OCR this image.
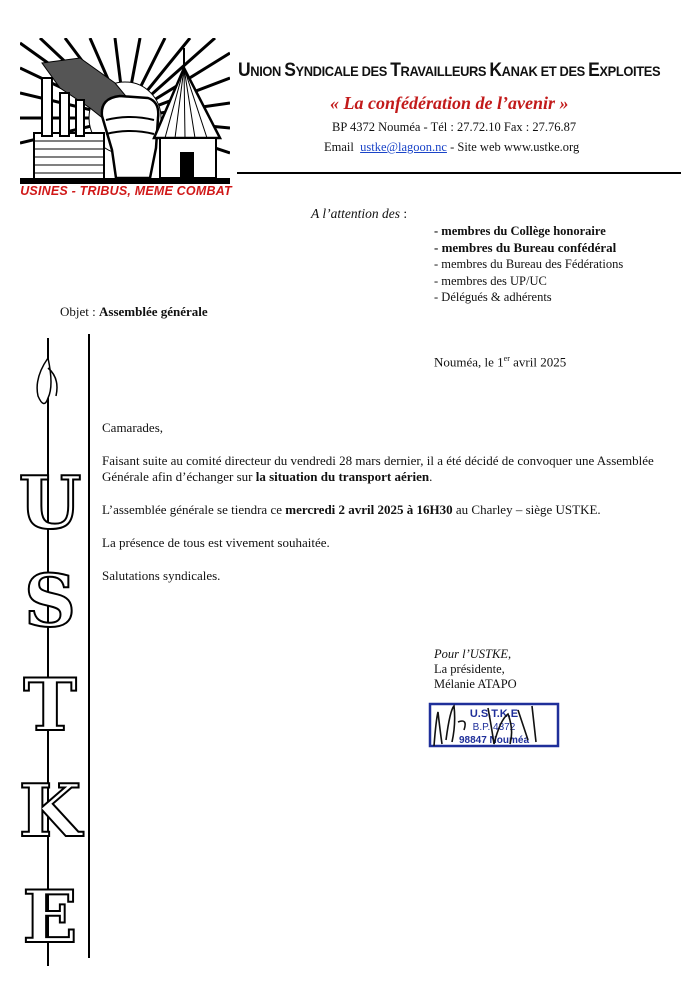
USINES - TRIBUS, MEME COMBAT
UNION SYNDICALE DES TRAVAILLEURS KANAK ET DES EXPLOITES
« La confédération de l’avenir »
BP 4372 Nouméa - Tél : 27.72.10 Fax : 27.76.87
Email ustke@lagoon.nc - Site web www.ustke.org
A l’attention des :
- membres du Collège honoraire
- membres du Bureau confédéral
- membres du Bureau des Fédérations
- membres des UP/UC
- Délégués & adhérents
Objet : Assemblée générale
Nouméa, le 1er avril 2025
U
S
T
K
E

Camarades,

Faisant suite au comité directeur du vendredi 28 mars dernier, il a été décidé de convoquer une Assemblée Générale afin d’échanger sur la situation du transport aérien.

L’assemblée générale se tiendra ce mercredi 2 avril 2025 à 16H30 au Charley – siège USTKE.

La présence de tous est vivement souhaitée.

Salutations syndicales.

Pour l’USTKE,
La présidente,
Mélanie ATAPO
U.S.T.K.E
B.P. 4372
98847 Nouméa
